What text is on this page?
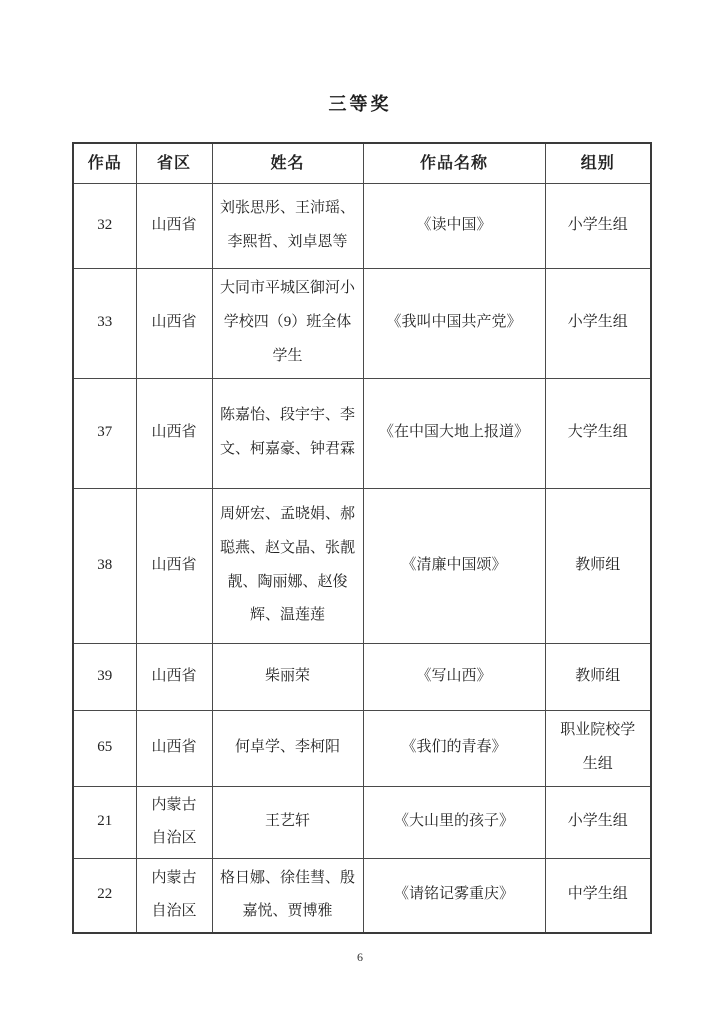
三等奖
作品	省区	姓名	作品名称	组别
32	山西省	刘张思彤、王沛瑶、李熙哲、刘卓恩等	《读中国》	小学生组
33	山西省	大同市平城区御河小学校四（9）班全体学生	《我叫中国共产党》	小学生组
37	山西省	陈嘉怡、段宇宇、李文、柯嘉豪、钟君霖	《在中国大地上报道》	大学生组
38	山西省	周妍宏、孟晓娟、郝聪燕、赵文晶、张靓靓、陶丽娜、赵俊辉、温莲莲	《清廉中国颂》	教师组
39	山西省	柴丽荣	《写山西》	教师组
65	山西省	何卓学、李柯阳	《我们的青春》	职业院校学生组
21	内蒙古自治区	王艺轩	《大山里的孩子》	小学生组
22	内蒙古自治区	格日娜、徐佳彗、殷嘉悦、贾博雅	《请铭记雾重庆》	中学生组
6
